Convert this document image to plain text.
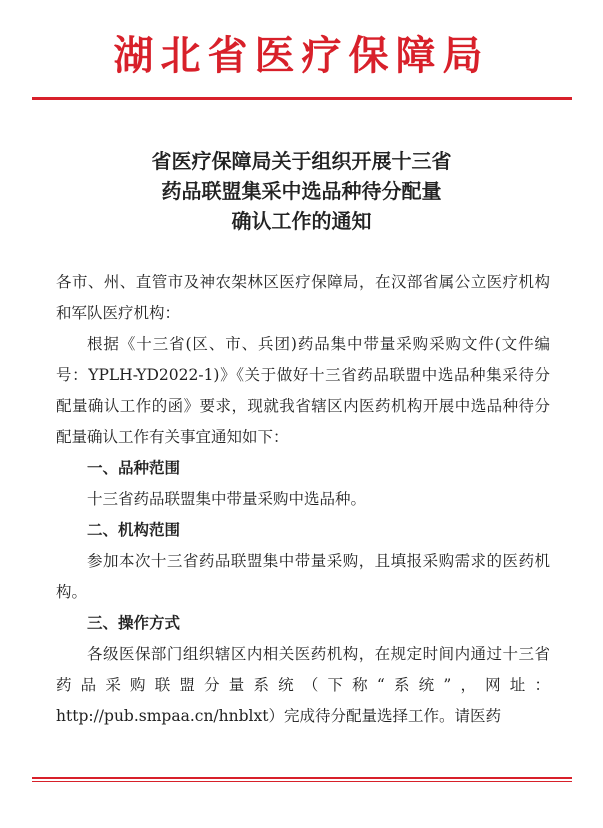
湖北省医疗保障局
省医疗保障局关于组织开展十三省
药品联盟集采中选品种待分配量
确认工作的通知

各市、州、直管市及神农架林区医疗保障局，在汉部省属公立医疗机构和军队医疗机构：

根据《十三省(区、市、兵团)药品集中带量采购采购文件(文件编号：YPLH-YD2022-1)》《关于做好十三省药品联盟中选品种集采待分配量确认工作的函》要求，现就我省辖区内医药机构开展中选品种待分配量确认工作有关事宜通知如下：

一、品种范围

十三省药品联盟集中带量采购中选品种。

二、机构范围

参加本次十三省药品联盟集中带量采购，且填报采购需求的医药机构。

三、操作方式

各级医保部门组织辖区内相关医药机构，在规定时间内通过十三省药品采购联盟分量系统（下称“系统”，网址：http://pub.smpaa.cn/hnblxt）完成待分配量选择工作。请医药
